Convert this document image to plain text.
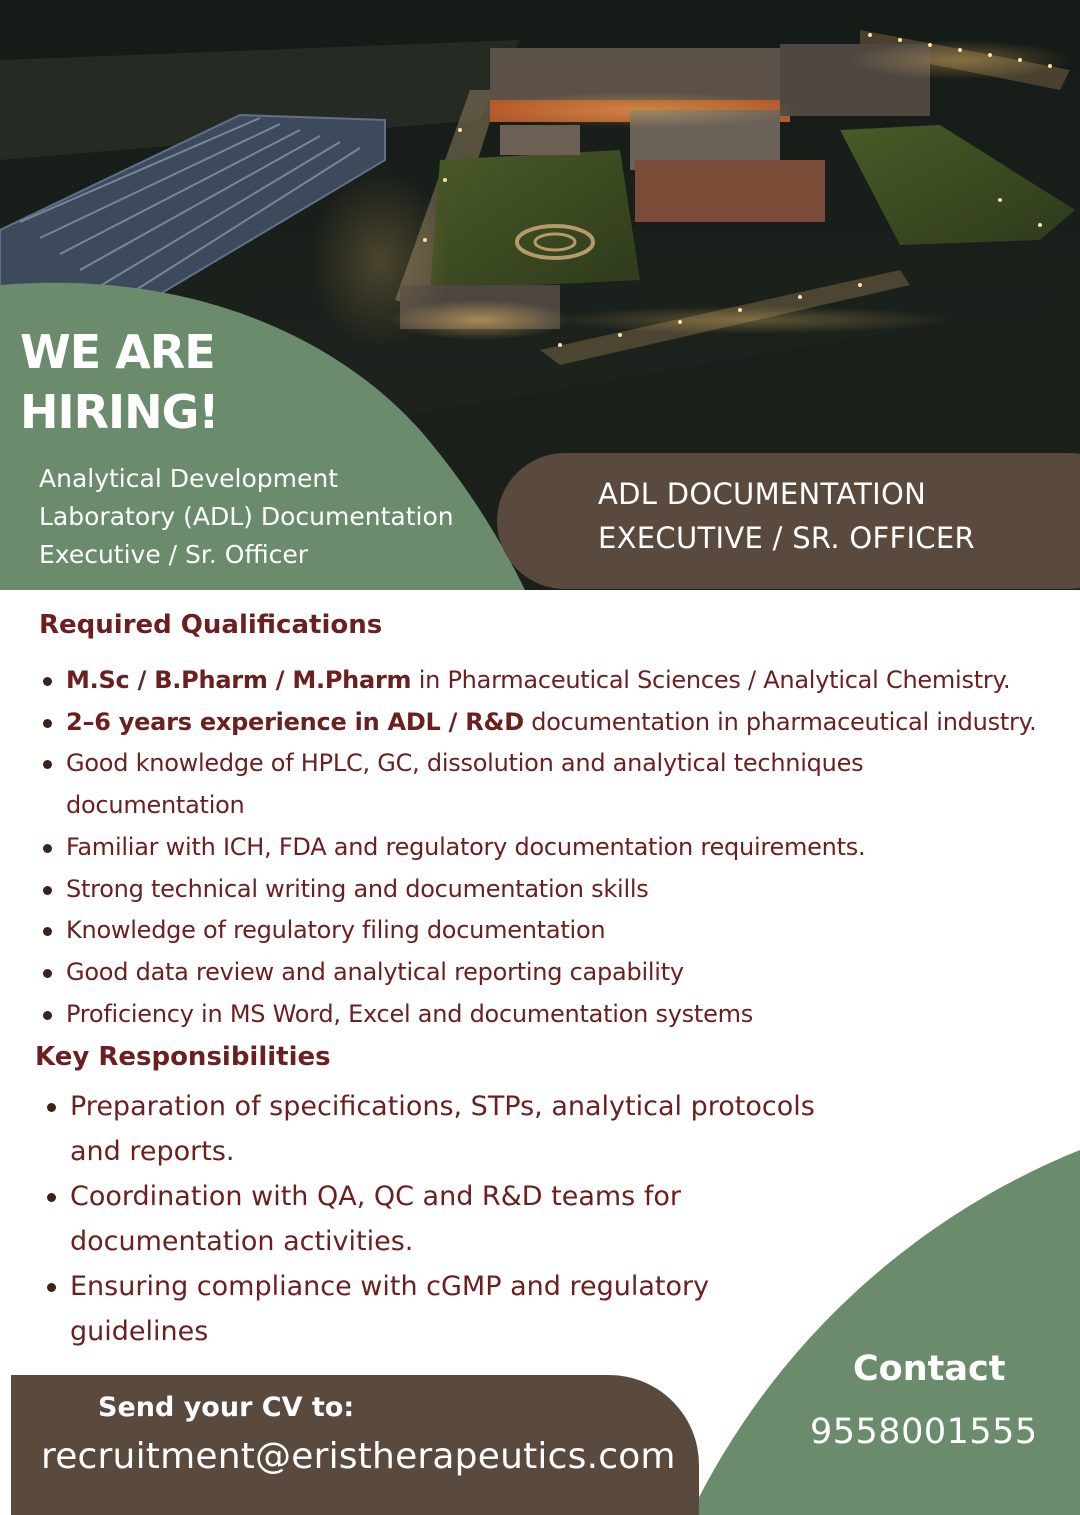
WE ARE
HIRING!
Analytical Development
Laboratory (ADL) Documentation
Executive / Sr. Officer
ADL DOCUMENTATION
EXECUTIVE / SR. OFFICER
Required Qualifications
M.Sc / B.Pharm / M.Pharm in Pharmaceutical Sciences / Analytical Chemistry.
2–6 years experience in ADL / R&D documentation in pharmaceutical industry.
Good knowledge of HPLC, GC, dissolution and analytical techniques documentation
Familiar with ICH, FDA and regulatory documentation requirements.
Strong technical writing and documentation skills
Knowledge of regulatory filing documentation
Good data review and analytical reporting capability
Proficiency in MS Word, Excel and documentation systems
Key Responsibilities
Preparation of specifications, STPs, analytical protocols and reports.
Coordination with QA, QC and R&D teams for documentation activities.
Ensuring compliance with cGMP and regulatory guidelines
Send your CV to:
recruitment@eristherapeutics.com
Contact
9558001555
